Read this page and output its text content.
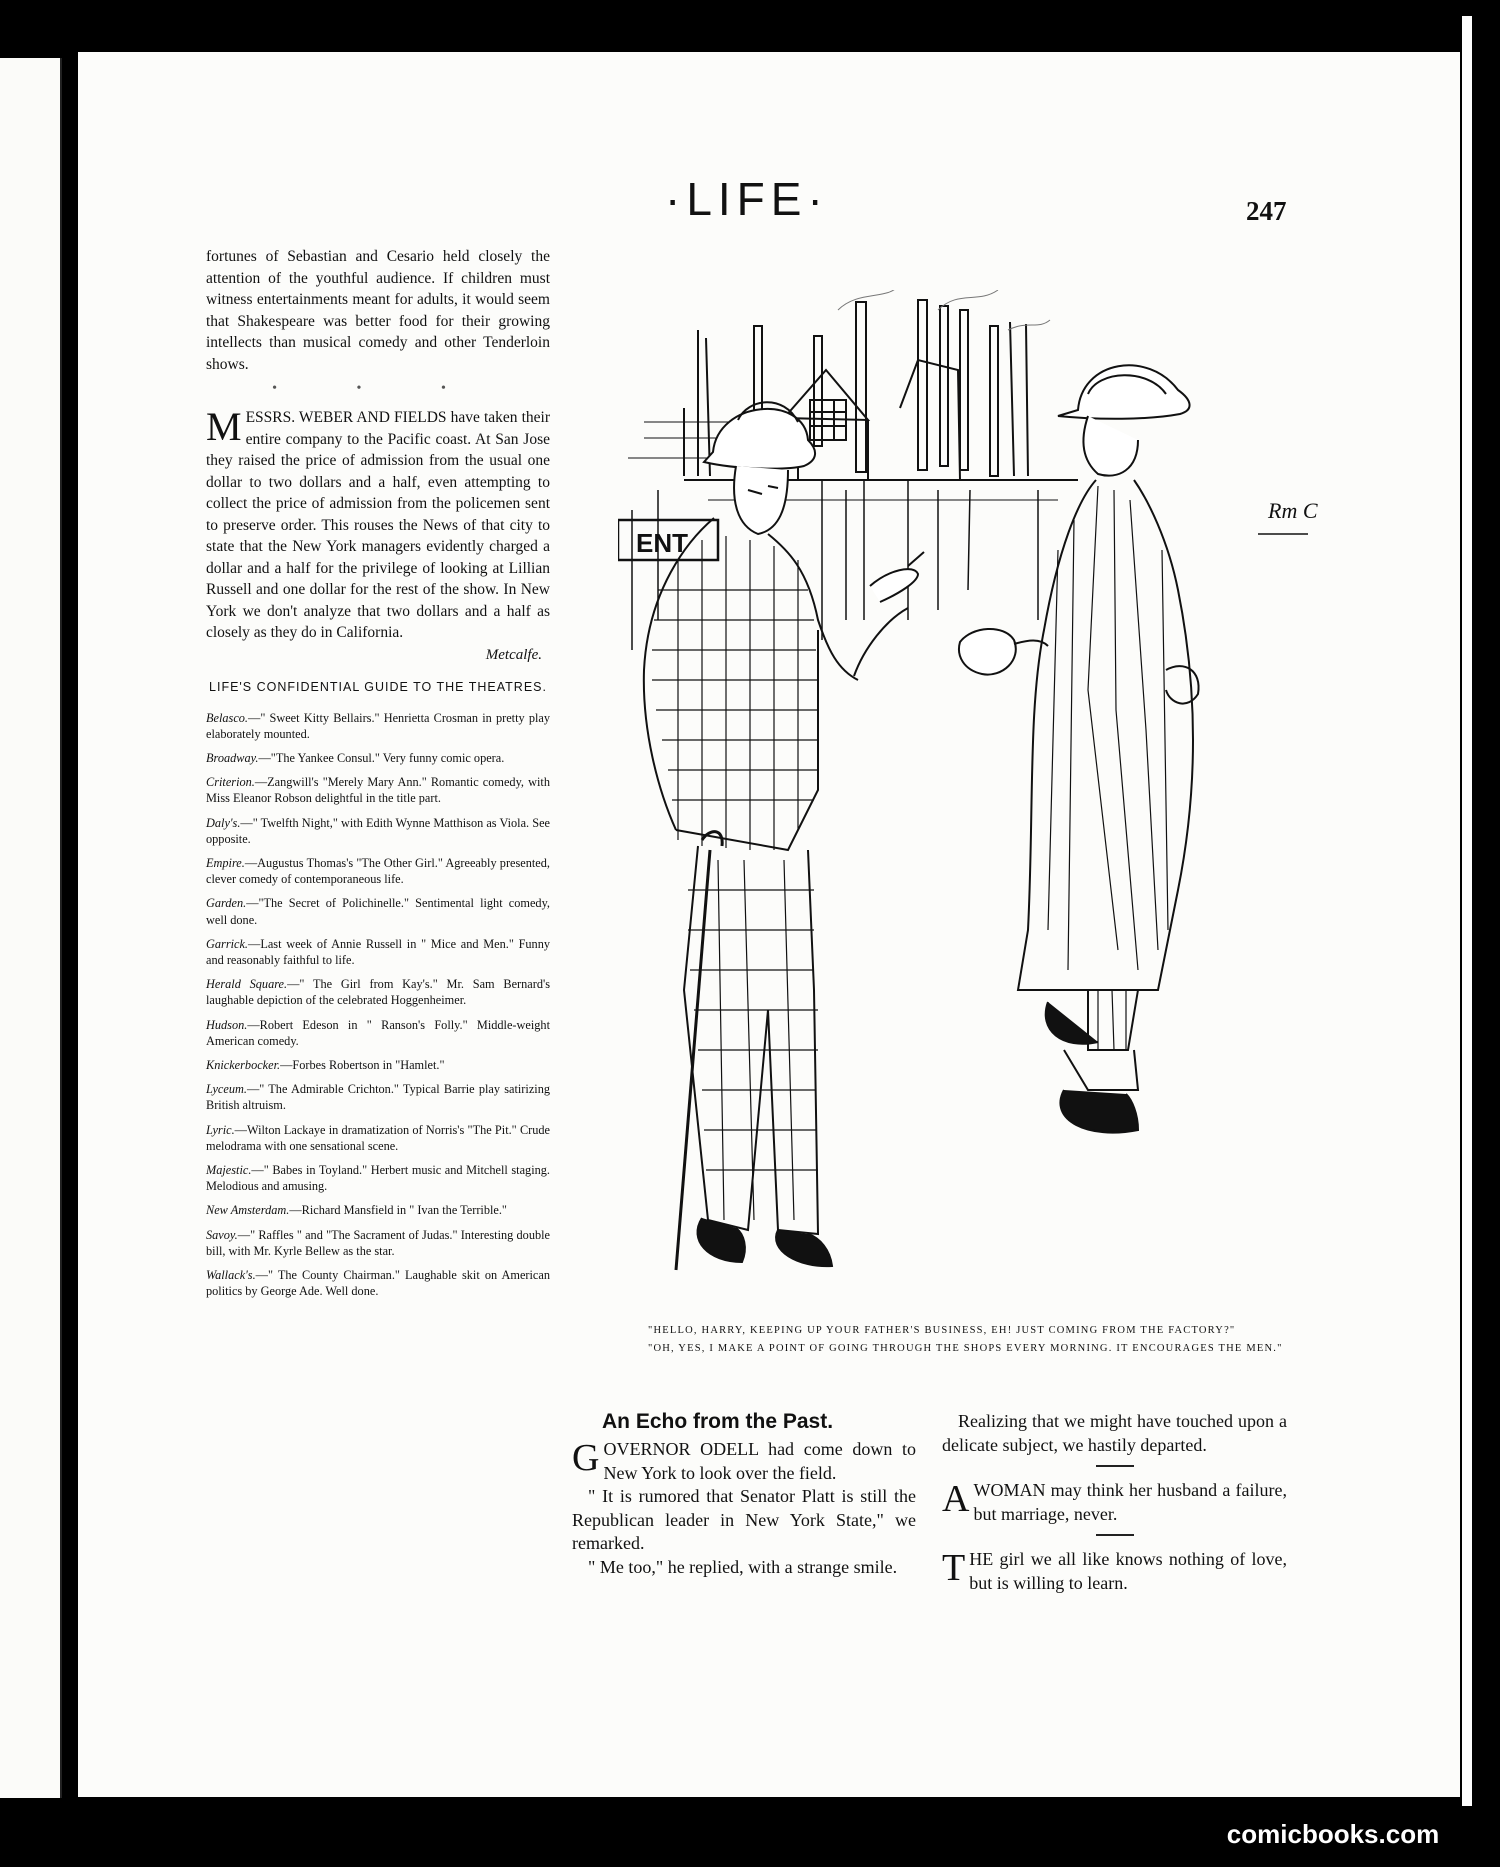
·LIFE·	247

fortunes of Sebastian and Cesario held closely the attention of the youthful audience. If children must witness entertainments meant for adults, it would seem that Shakespeare was better food for their growing intellects than musical comedy and other Tenderloin shows.

• • •

MESSRS. WEBER AND FIELDS have taken their entire company to the Pacific coast. At San Jose they raised the price of admission from the usual one dollar to two dollars and a half, even attempting to collect the price of admission from the policemen sent to preserve order. This rouses the News of that city to state that the New York managers evidently charged a dollar and a half for the privilege of looking at Lillian Russell and one dollar for the rest of the show. In New York we don't analyze that two dollars and a half as closely as they do in California.

Metcalfe.
LIFE'S CONFIDENTIAL GUIDE TO THE THEATRES.

Belasco.—" Sweet Kitty Bellairs." Henrietta Crosman in pretty play elaborately mounted.

Broadway.—"The Yankee Consul." Very funny comic opera.

Criterion.—Zangwill's "Merely Mary Ann." Romantic comedy, with Miss Eleanor Robson delightful in the title part.

Daly's.—" Twelfth Night," with Edith Wynne Matthison as Viola. See opposite.

Empire.—Augustus Thomas's "The Other Girl." Agreeably presented, clever comedy of contemporaneous life.

Garden.—"The Secret of Polichinelle." Sentimental light comedy, well done.

Garrick.—Last week of Annie Russell in " Mice and Men." Funny and reasonably faithful to life.

Herald Square.—" The Girl from Kay's." Mr. Sam Bernard's laughable depiction of the celebrated Hoggenheimer.

Hudson.—Robert Edeson in " Ranson's Folly." Middle-weight American comedy.

Knickerbocker.—Forbes Robertson in "Hamlet."

Lyceum.—" The Admirable Crichton." Typical Barrie play satirizing British altruism.

Lyric.—Wilton Lackaye in dramatization of Norris's "The Pit." Crude melodrama with one sensational scene.

Majestic.—" Babes in Toyland." Herbert music and Mitchell staging. Melodious and amusing.

New Amsterdam.—Richard Mansfield in " Ivan the Terrible."

Savoy.—" Raffles " and "The Sacrament of Judas." Interesting double bill, with Mr. Kyrle Bellew as the star.

Wallack's.—" The County Chairman." Laughable skit on American politics by George Ade. Well done.

ENT
Rm C

"HELLO, HARRY, KEEPING UP YOUR FATHER'S BUSINESS, EH! JUST COMING FROM THE FACTORY?"

"OH, YES, I MAKE A POINT OF GOING THROUGH THE SHOPS EVERY MORNING. IT ENCOURAGES THE MEN."

An Echo from the Past.

GOVERNOR ODELL had come down to New York to look over the field.

" It is rumored that Senator Platt is still the Republican leader in New York State," we remarked.

" Me too," he replied, with a strange smile.

Realizing that we might have touched upon a delicate subject, we hastily departed.

AWOMAN may think her husband a failure, but marriage, never.

THE girl we all like knows nothing of love, but is willing to learn.

comicbooks.com
